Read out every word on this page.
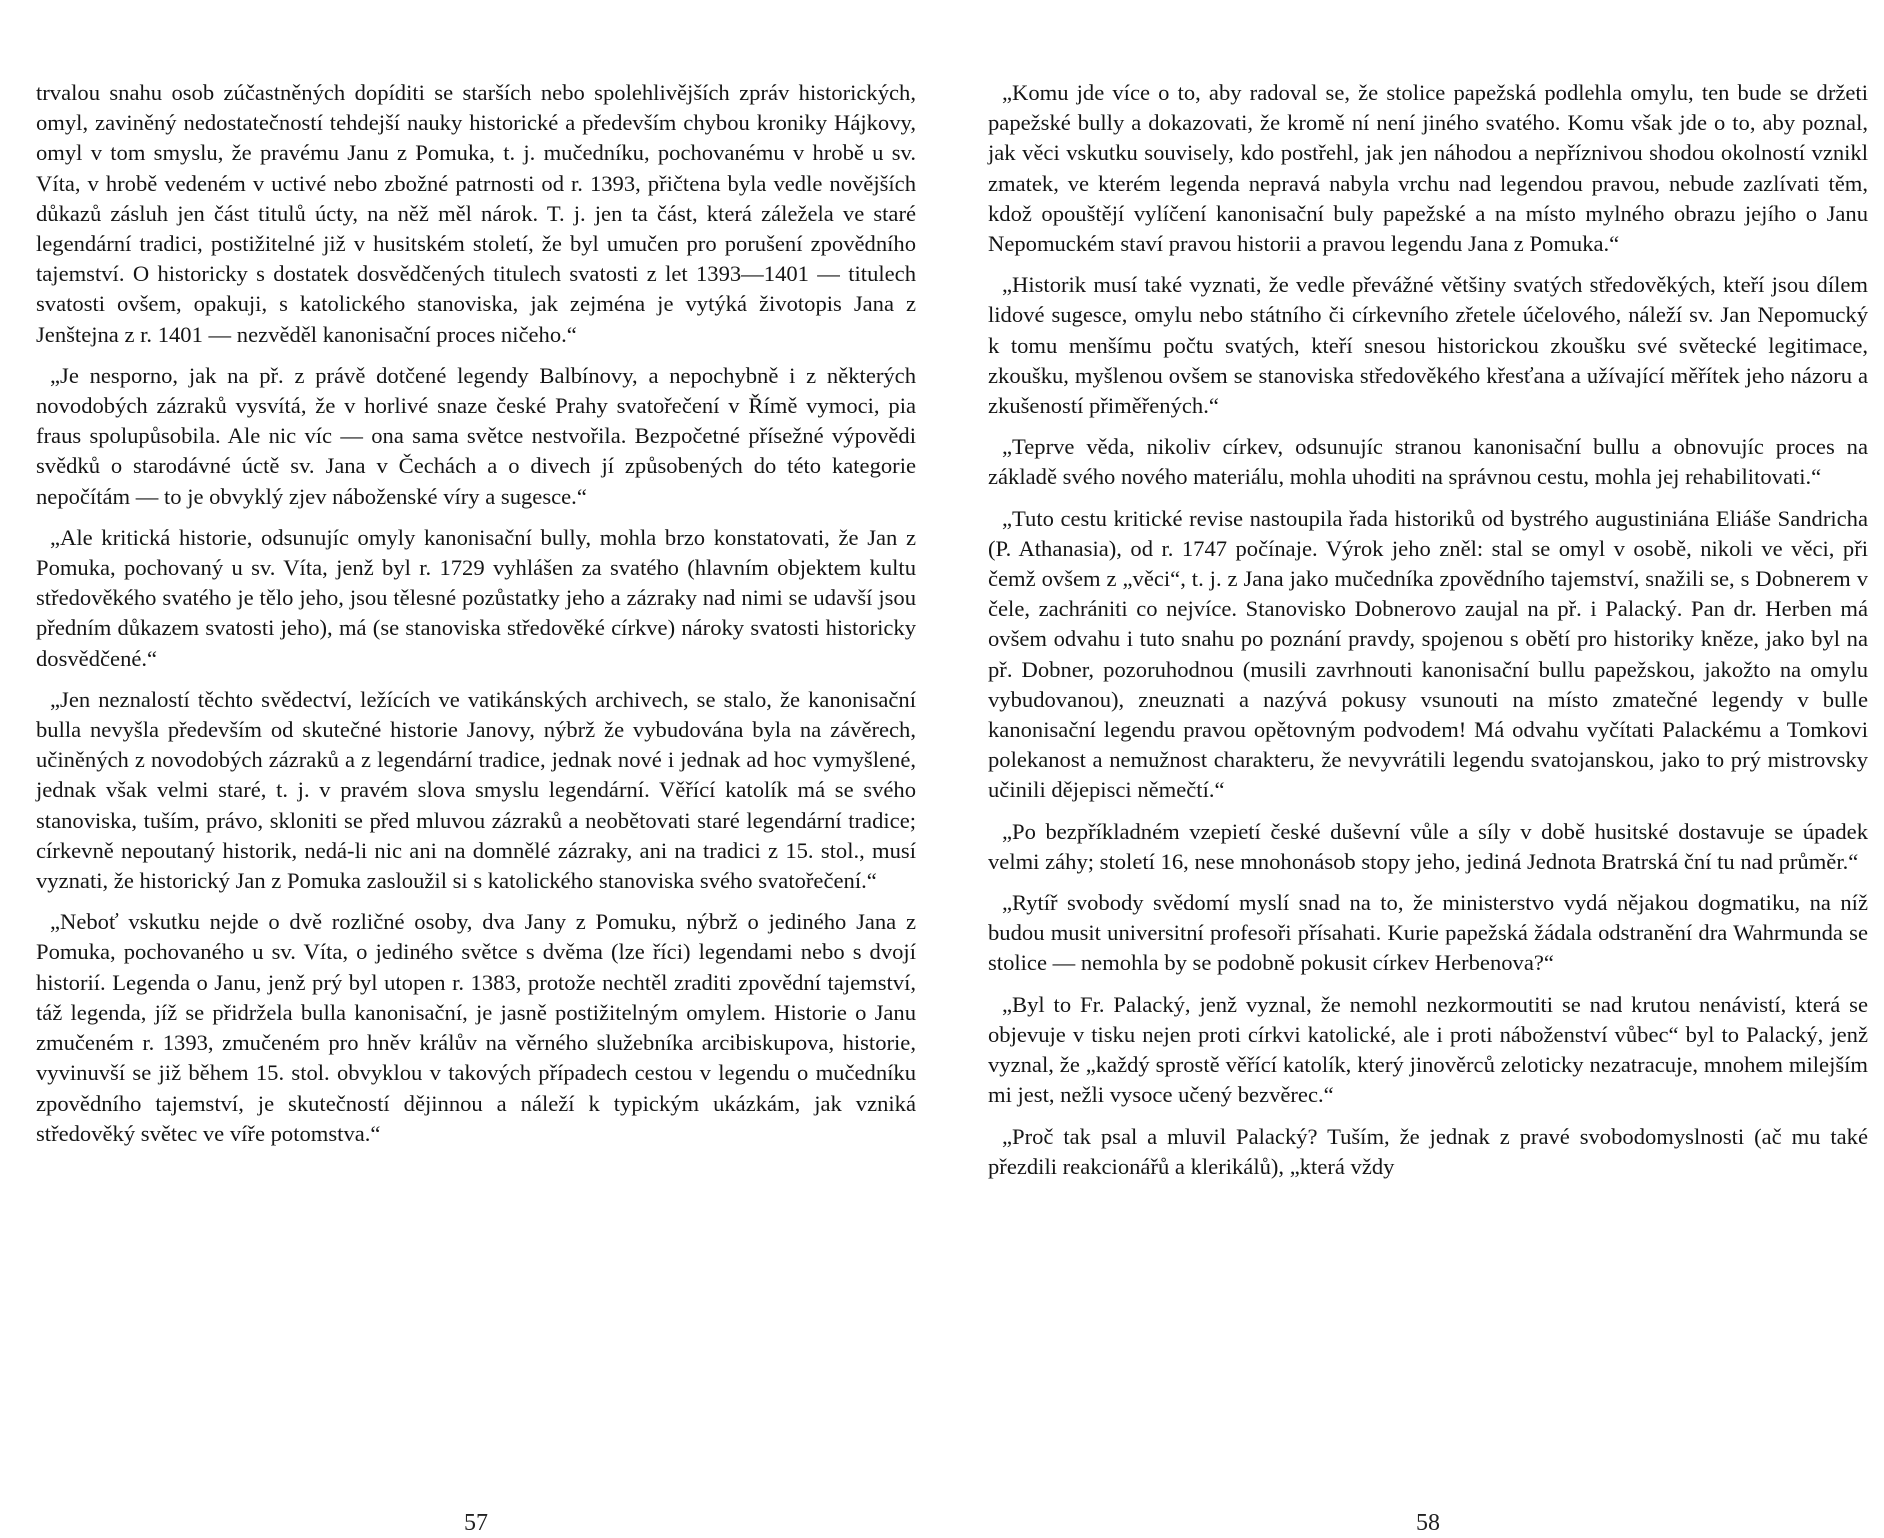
trvalou snahu osob zúčastněných dopíditi se starších nebo spolehlivějších zpráv historických, omyl, zaviněný nedostatečností tehdejší nauky historické a především chybou kroniky Hájkovy, omyl v tom smyslu, že pravému Janu z Pomuka, t. j. mučedníku, pochovanému v hrobě u sv. Víta, v hrobě vedeném v uctivé nebo zbožné patrnosti od r. 1393, přičtena byla vedle novějších důkazů zásluh jen část titulů úcty, na něž měl nárok. T. j. jen ta část, která záležela ve staré legendární tradici, postižitelné již v husitském století, že byl umučen pro porušení zpovědního tajemství. O historicky s dostatek dosvědčených titulech svatosti z let 1393—1401 — titulech svatosti ovšem, opakuji, s katolického stanoviska, jak zejména je vytýká životopis Jana z Jenštejna z r. 1401 — nezvěděl kanonisační proces ničeho.“

„Je nesporno, jak na př. z právě dotčené legendy Balbínovy, a nepochybně i z některých novodobých zázraků vysvítá, že v horlivé snaze české Prahy svatořečení v Římě vymoci, pia fraus spolupůsobila. Ale nic víc — ona sama světce nestvořila. Bezpočetné přísežné výpovědi svědků o starodávné úctě sv. Jana v Čechách a o divech jí způsobených do této kategorie nepočítám — to je obvyklý zjev náboženské víry a sugesce.“

„Ale kritická historie, odsunujíc omyly kanonisační bully, mohla brzo konstatovati, že Jan z Pomuka, pochovaný u sv. Víta, jenž byl r. 1729 vyhlášen za svatého (hlavním objektem kultu středověkého svatého je tělo jeho, jsou tělesné pozůstatky jeho a zázraky nad nimi se udavší jsou předním důkazem svatosti jeho), má (se stanoviska středověké církve) nároky svatosti historicky dosvědčené.“

„Jen neznalostí těchto svědectví, ležících ve vatikánských archivech, se stalo, že kanonisační bulla nevyšla především od skutečné historie Janovy, nýbrž že vybudována byla na závěrech, učiněných z novodobých zázraků a z legendární tradice, jednak nové i jednak ad hoc vymyšlené, jednak však velmi staré, t. j. v pravém slova smyslu legendární. Věřící katolík má se svého stanoviska, tuším, právo, skloniti se před mluvou zázraků a neobětovati staré legendární tradice; církevně nepoutaný historik, nedá-li nic ani na domnělé zázraky, ani na tradici z 15. stol., musí vyznati, že historický Jan z Pomuka zasloužil si s katolického stanoviska svého svatořečení.“

„Neboť vskutku nejde o dvě rozličné osoby, dva Jany z Pomuku, nýbrž o jediného Jana z Pomuka, pochovaného u sv. Víta, o jediného světce s dvěma (lze říci) legendami nebo s dvojí historií. Legenda o Janu, jenž prý byl utopen r. 1383, protože nechtěl zraditi zpovědní tajemství, táž legenda, jíž se přidržela bulla kanonisační, je jasně postižitelným omylem. Historie o Janu zmučeném r. 1393, zmučeném pro hněv králův na věrného služebníka arcibiskupova, historie, vyvinuvší se již během 15. stol. obvyklou v takových případech cestou v legendu o mučedníku zpovědního tajemství, je skutečností dějinnou a náleží k typickým ukázkám, jak vzniká středověký světec ve víře potomstva.“

57

„Komu jde více o to, aby radoval se, že stolice papežská podlehla omylu, ten bude se držeti papežské bully a dokazovati, že kromě ní není jiného svatého. Komu však jde o to, aby poznal, jak věci vskutku souvisely, kdo postřehl, jak jen náhodou a nepříznivou shodou okolností vznikl zmatek, ve kterém legenda nepravá nabyla vrchu nad legendou pravou, nebude zazlívati těm, kdož opouštějí vylíčení kanonisační buly papežské a na místo mylného obrazu jejího o Janu Nepomuckém staví pravou historii a pravou legendu Jana z Pomuka.“

„Historik musí také vyznati, že vedle převážné většiny svatých středověkých, kteří jsou dílem lidové sugesce, omylu nebo státního či církevního zřetele účelového, náleží sv. Jan Nepomucký k tomu menšímu počtu svatých, kteří snesou historickou zkoušku své světecké legitimace, zkoušku, myšlenou ovšem se stanoviska středověkého křesťana a užívající měřítek jeho názoru a zkušeností přiměřených.“

„Teprve věda, nikoliv církev, odsunujíc stranou kanonisační bullu a obnovujíc proces na základě svého nového materiálu, mohla uhoditi na správnou cestu, mohla jej rehabilitovati.“

„Tuto cestu kritické revise nastoupila řada historiků od bystrého augustiniána Eliáše Sandricha (P. Athanasia), od r. 1747 počínaje. Výrok jeho zněl: stal se omyl v osobě, nikoli ve věci, při čemž ovšem z „věci“, t. j. z Jana jako mučedníka zpovědního tajemství, snažili se, s Dobnerem v čele, zachrániti co nejvíce. Stanovisko Dobnerovo zaujal na př. i Palacký. Pan dr. Herben má ovšem odvahu i tuto snahu po poznání pravdy, spojenou s obětí pro historiky kněze, jako byl na př. Dobner, pozoruhodnou (musili zavrhnouti kanonisační bullu papežskou, jakožto na omylu vybudovanou), zneuznati a nazývá pokusy vsunouti na místo zmatečné legendy v bulle kanonisační legendu pravou opětovným podvodem! Má odvahu vyčítati Palackému a Tomkovi polekanost a nemužnost charakteru, že nevyvrátili legendu svatojanskou, jako to prý mistrovsky učinili dějepisci němečtí.“

„Po bezpříkladném vzepietí české duševní vůle a síly v době husitské dostavuje se úpadek velmi záhy; století 16, nese mnohonásob stopy jeho, jediná Jednota Bratrská ční tu nad průměr.“

„Rytíř svobody svědomí myslí snad na to, že ministerstvo vydá nějakou dogmatiku, na níž budou musit universitní profesoři přísahati. Kurie papežská žádala odstranění dra Wahrmunda se stolice — nemohla by se podobně pokusit církev Herbenova?“

„Byl to Fr. Palacký, jenž vyznal, že nemohl nezkormoutiti se nad krutou nenávistí, která se objevuje v tisku nejen proti církvi katolické, ale i proti náboženství vůbec“ byl to Palacký, jenž vyznal, že „každý sprostě věřící katolík, který jinověrců zeloticky nezatracuje, mnohem milejším mi jest, nežli vysoce učený bezvěrec.“

„Proč tak psal a mluvil Palacký? Tuším, že jednak z pravé svobodomyslnosti (ač mu také přezdili reakcionářů a klerikálů), „která vždy

58
